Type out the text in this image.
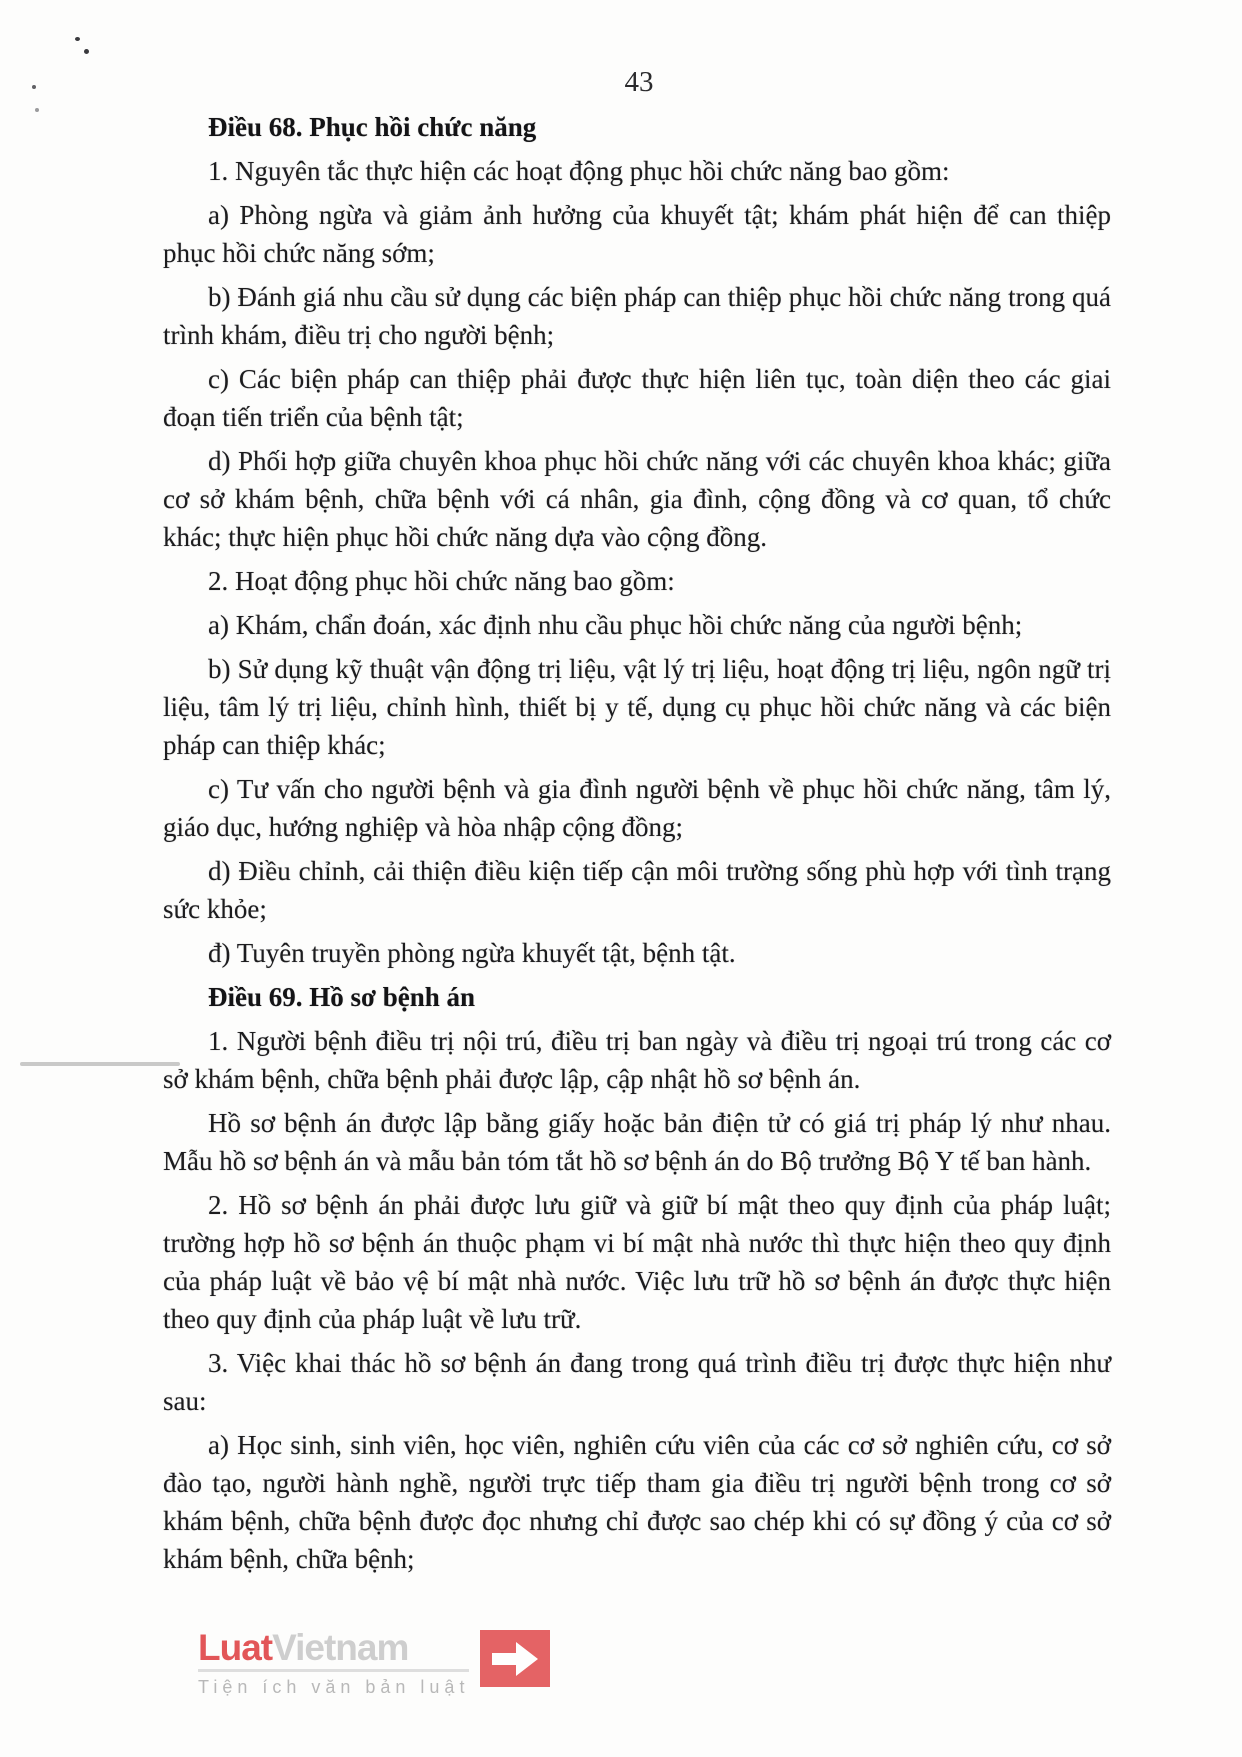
43
Điều 68. Phục hồi chức năng

1. Nguyên tắc thực hiện các hoạt động phục hồi chức năng bao gồm:

a) Phòng ngừa và giảm ảnh hưởng của khuyết tật; khám phát hiện để can thiệp phục hồi chức năng sớm;

b) Đánh giá nhu cầu sử dụng các biện pháp can thiệp phục hồi chức năng trong quá trình khám, điều trị cho người bệnh;

c) Các biện pháp can thiệp phải được thực hiện liên tục, toàn diện theo các giai đoạn tiến triển của bệnh tật;

d) Phối hợp giữa chuyên khoa phục hồi chức năng với các chuyên khoa khác; giữa cơ sở khám bệnh, chữa bệnh với cá nhân, gia đình, cộng đồng và cơ quan, tổ chức khác; thực hiện phục hồi chức năng dựa vào cộng đồng.

2. Hoạt động phục hồi chức năng bao gồm:

a) Khám, chẩn đoán, xác định nhu cầu phục hồi chức năng của người bệnh;

b) Sử dụng kỹ thuật vận động trị liệu, vật lý trị liệu, hoạt động trị liệu, ngôn ngữ trị liệu, tâm lý trị liệu, chỉnh hình, thiết bị y tế, dụng cụ phục hồi chức năng và các biện pháp can thiệp khác;

c) Tư vấn cho người bệnh và gia đình người bệnh về phục hồi chức năng, tâm lý, giáo dục, hướng nghiệp và hòa nhập cộng đồng;

d) Điều chỉnh, cải thiện điều kiện tiếp cận môi trường sống phù hợp với tình trạng sức khỏe;

đ) Tuyên truyền phòng ngừa khuyết tật, bệnh tật.

Điều 69. Hồ sơ bệnh án

1. Người bệnh điều trị nội trú, điều trị ban ngày và điều trị ngoại trú trong các cơ sở khám bệnh, chữa bệnh phải được lập, cập nhật hồ sơ bệnh án.

Hồ sơ bệnh án được lập bằng giấy hoặc bản điện tử có giá trị pháp lý như nhau. Mẫu hồ sơ bệnh án và mẫu bản tóm tắt hồ sơ bệnh án do Bộ trưởng Bộ Y tế ban hành.

2. Hồ sơ bệnh án phải được lưu giữ và giữ bí mật theo quy định của pháp luật; trường hợp hồ sơ bệnh án thuộc phạm vi bí mật nhà nước thì thực hiện theo quy định của pháp luật về bảo vệ bí mật nhà nước. Việc lưu trữ hồ sơ bệnh án được thực hiện theo quy định của pháp luật về lưu trữ.

3. Việc khai thác hồ sơ bệnh án đang trong quá trình điều trị được thực hiện như sau:

a) Học sinh, sinh viên, học viên, nghiên cứu viên của các cơ sở nghiên cứu, cơ sở đào tạo, người hành nghề, người trực tiếp tham gia điều trị người bệnh trong cơ sở khám bệnh, chữa bệnh được đọc nhưng chỉ được sao chép khi có sự đồng ý của cơ sở khám bệnh, chữa bệnh;

LuatVietnam
Tiện ích văn bản luật
